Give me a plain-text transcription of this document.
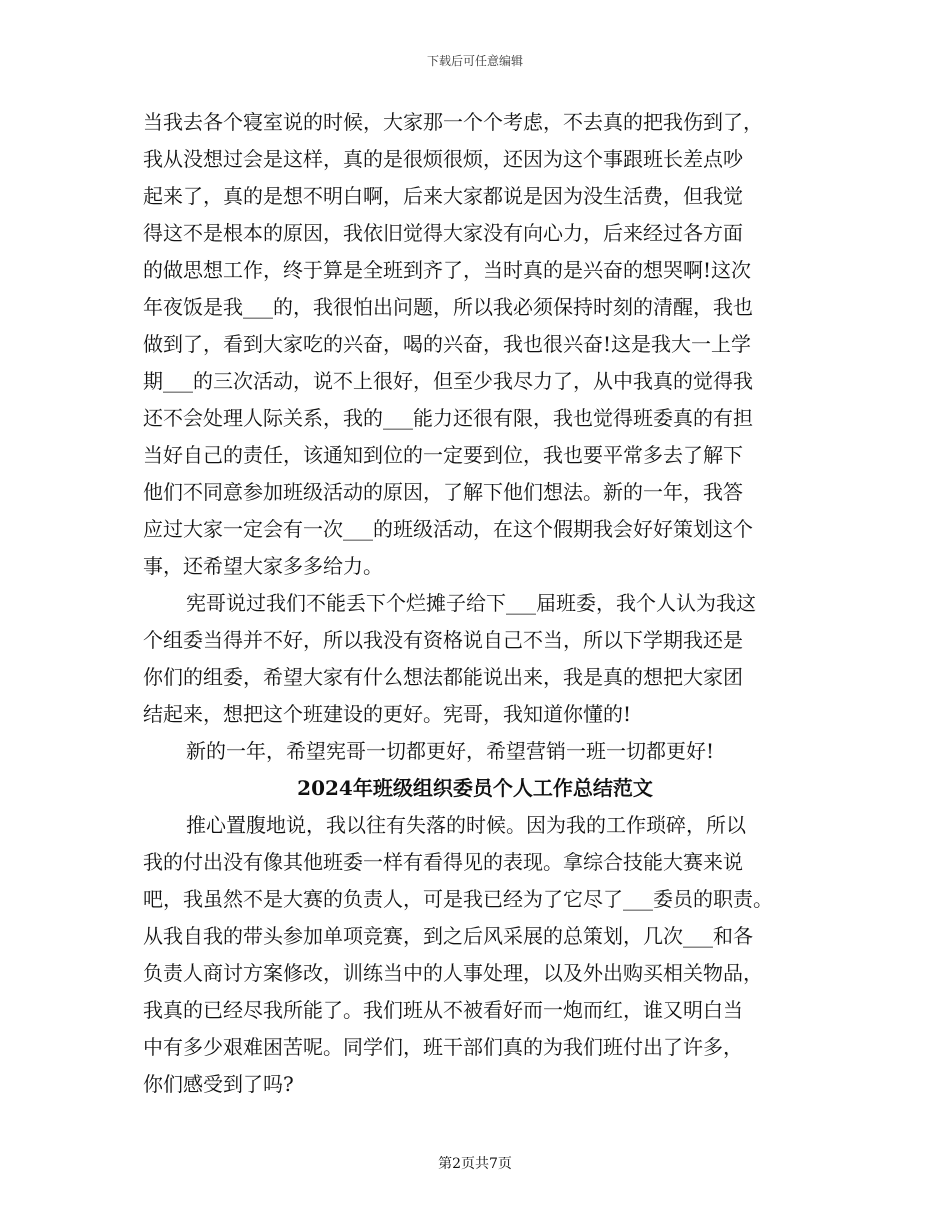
下载后可任意编辑
当我去各个寝室说的时候，大家那一个个考虑，不去真的把我伤到了，
我从没想过会是这样，真的是很烦很烦，还因为这个事跟班长差点吵
起来了，真的是想不明白啊，后来大家都说是因为没生活费，但我觉
得这不是根本的原因，我依旧觉得大家没有向心力，后来经过各方面
的做思想工作，终于算是全班到齐了，当时真的是兴奋的想哭啊!这次
年夜饭是我___的，我很怕出问题，所以我必须保持时刻的清醒，我也
做到了，看到大家吃的兴奋，喝的兴奋，我也很兴奋!这是我大一上学
期___的三次活动，说不上很好，但至少我尽力了，从中我真的觉得我
还不会处理人际关系，我的___能力还很有限，我也觉得班委真的有担
当好自己的责任，该通知到位的一定要到位，我也要平常多去了解下
他们不同意参加班级活动的原因，了解下他们想法。新的一年，我答
应过大家一定会有一次___的班级活动，在这个假期我会好好策划这个
事，还希望大家多多给力。
宪哥说过我们不能丢下个烂摊子给下___届班委，我个人认为我这
个组委当得并不好，所以我没有资格说自己不当，所以下学期我还是
你们的组委，希望大家有什么想法都能说出来，我是真的想把大家团
结起来，想把这个班建设的更好。宪哥，我知道你懂的!
新的一年，希望宪哥一切都更好，希望营销一班一切都更好!
2024年班级组织委员个人工作总结范文
推心置腹地说，我以往有失落的时候。因为我的工作琐碎，所以
我的付出没有像其他班委一样有看得见的表现。拿综合技能大赛来说
吧，我虽然不是大赛的负责人，可是我已经为了它尽了___委员的职责。
从我自我的带头参加单项竞赛，到之后风采展的总策划，几次___和各
负责人商讨方案修改，训练当中的人事处理，以及外出购买相关物品，
我真的已经尽我所能了。我们班从不被看好而一炮而红，谁又明白当
中有多少艰难困苦呢。同学们，班干部们真的为我们班付出了许多，
你们感受到了吗?
第2页共7页
